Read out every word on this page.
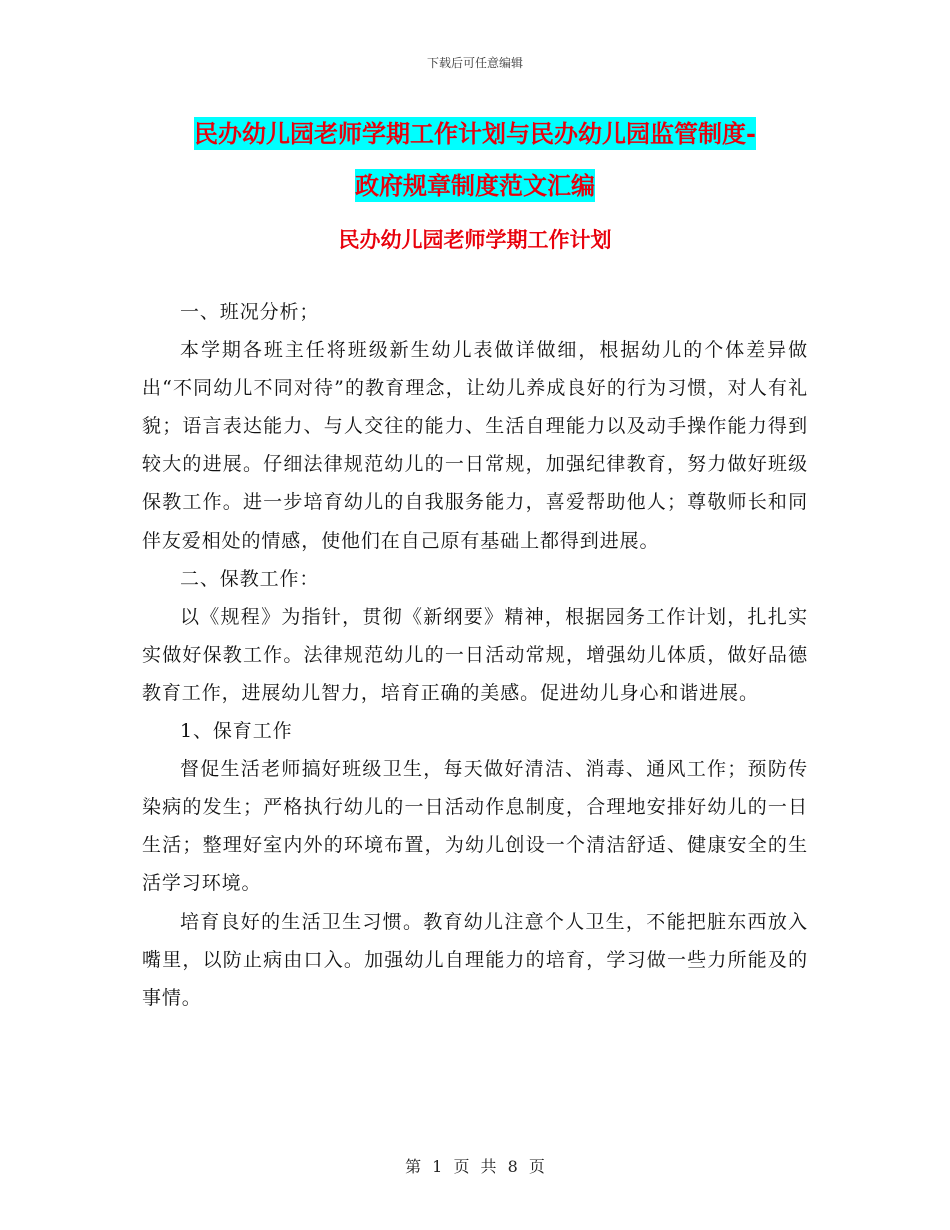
下载后可任意编辑
民办幼儿园老师学期工作计划与民办幼儿园监管制度-
政府规章制度范文汇编
民办幼儿园老师学期工作计划

一、班况分析；

本学期各班主任将班级新生幼儿表做详做细，根据幼儿的个体差异做出“不同幼儿不同对待”的教育理念，让幼儿养成良好的行为习惯，对人有礼貌；语言表达能力、与人交往的能力、生活自理能力以及动手操作能力得到较大的进展。仔细法律规范幼儿的一日常规，加强纪律教育，努力做好班级保教工作。进一步培育幼儿的自我服务能力，喜爱帮助他人；尊敬师长和同伴友爱相处的情感，使他们在自己原有基础上都得到进展。

二、保教工作：

以《规程》为指针，贯彻《新纲要》精神，根据园务工作计划，扎扎实实做好保教工作。法律规范幼儿的一日活动常规，增强幼儿体质，做好品德教育工作，进展幼儿智力，培育正确的美感。促进幼儿身心和谐进展。

1、保育工作

督促生活老师搞好班级卫生，每天做好清洁、消毒、通风工作；预防传染病的发生；严格执行幼儿的一日活动作息制度，合理地安排好幼儿的一日生活；整理好室内外的环境布置，为幼儿创设一个清洁舒适、健康安全的生活学习环境。

培育良好的生活卫生习惯。教育幼儿注意个人卫生，不能把脏东西放入嘴里，以防止病由口入。加强幼儿自理能力的培育，学习做一些力所能及的事情。

第 1 页 共 8 页
